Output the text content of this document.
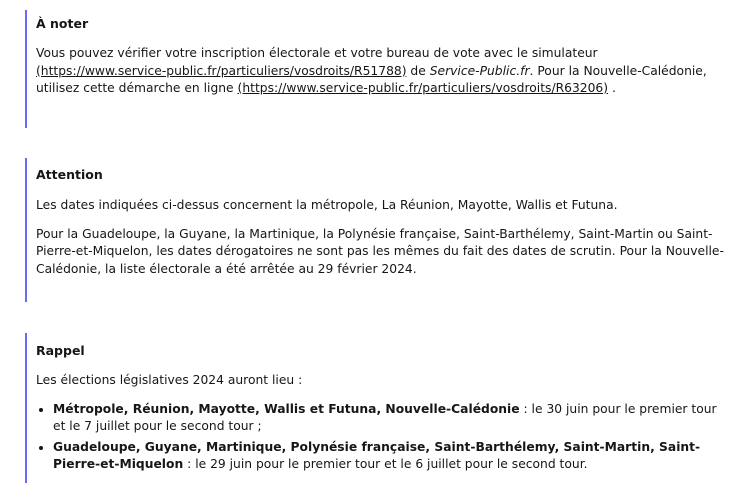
À noter

Vous pouvez vérifier votre inscription électorale et votre bureau de vote avec le simulateur (https://www.service-public.fr/particuliers/vosdroits/R51788) de Service-Public.fr. Pour la Nouvelle-Calédonie, utilisez cette démarche en ligne (https://www.service-public.fr/particuliers/vosdroits/R63206) .

Attention

Les dates indiquées ci-dessus concernent la métropole, La Réunion, Mayotte, Wallis et Futuna.

Pour la Guadeloupe, la Guyane, la Martinique, la Polynésie française, Saint-Barthélemy, Saint-Martin ou Saint-Pierre-et-Miquelon, les dates dérogatoires ne sont pas les mêmes du fait des dates de scrutin. Pour la Nouvelle-Calédonie, la liste électorale a été arrêtée au 29 février 2024.

Rappel

Les élections législatives 2024 auront lieu :

• Métropole, Réunion, Mayotte, Wallis et Futuna, Nouvelle-Calédonie : le 30 juin pour le premier tour et le 7 juillet pour le second tour ;
• Guadeloupe, Guyane, Martinique, Polynésie française, Saint-Barthélemy, Saint-Martin, Saint-Pierre-et-Miquelon : le 29 juin pour le premier tour et le 6 juillet pour le second tour.
